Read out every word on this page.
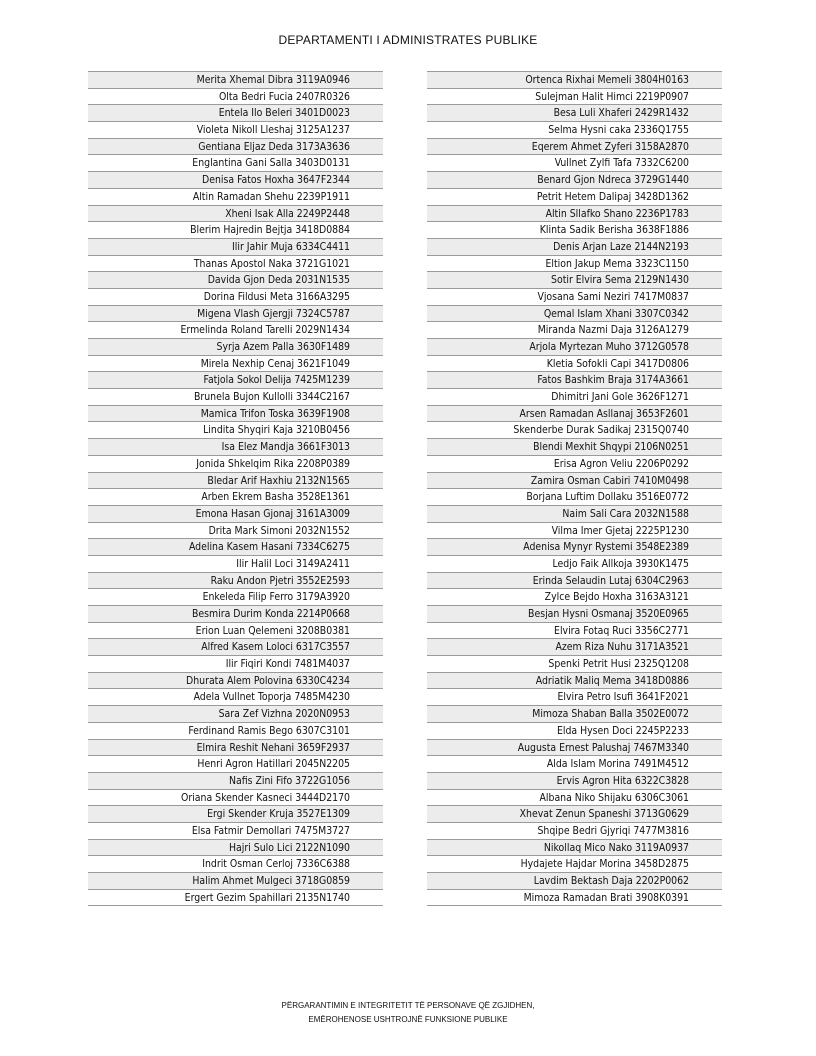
DEPARTAMENTI I ADMINISTRATES PUBLIKE
Merita Xhemal Dibra 3119A0946
Olta Bedri Fucia 2407R0326
Entela Ilo Beleri 3401D0023
Violeta Nikoll Lleshaj 3125A1237
Gentiana Eljaz Deda 3173A3636
Englantina Gani Salla 3403D0131
Denisa Fatos Hoxha 3647F2344
Altin Ramadan Shehu 2239P1911
Xheni Isak Alla 2249P2448
Blerim Hajredin Bejtja 3418D0884
Ilir Jahir Muja 6334C4411
Thanas Apostol Naka 3721G1021
Davida Gjon Deda 2031N1535
Dorina Fildusi Meta 3166A3295
Migena Vlash Gjergji 7324C5787
Ermelinda Roland Tarelli 2029N1434
Syrja Azem Palla 3630F1489
Mirela Nexhip Cenaj 3621F1049
Fatjola Sokol Delija 7425M1239
Brunela Bujon Kullolli 3344C2167
Mamica Trifon Toska 3639F1908
Lindita Shyqiri Kaja 3210B0456
Isa Elez Mandja 3661F3013
Jonida Shkelqim Rika 2208P0389
Bledar Arif Haxhiu 2132N1565
Arben Ekrem Basha 3528E1361
Emona Hasan Gjonaj 3161A3009
Drita Mark Simoni 2032N1552
Adelina Kasem Hasani 7334C6275
Ilir Halil Loci 3149A2411
Raku Andon Pjetri 3552E2593
Enkeleda Filip Ferro 3179A3920
Besmira Durim Konda 2214P0668
Erion Luan Qelemeni 3208B0381
Alfred Kasem Loloci 6317C3557
Ilir Fiqiri Kondi 7481M4037
Dhurata Alem Polovina 6330C4234
Adela Vullnet Toporja 7485M4230
Sara Zef Vizhna 2020N0953
Ferdinand Ramis Bego 6307C3101
Elmira Reshit Nehani 3659F2937
Henri Agron Hatillari 2045N2205
Nafis Zini Fifo 3722G1056
Oriana Skender Kasneci 3444D2170
Ergi Skender Kruja 3527E1309
Elsa Fatmir Demollari 7475M3727
Hajri Sulo Lici 2122N1090
Indrit Osman Cerloj 7336C6388
Halim Ahmet Mulgeci 3718G0859
Ergert Gezim Spahillari 2135N1740
Ortenca Rixhai Memeli 3804H0163
Sulejman Halit Himci 2219P0907
Besa Luli Xhaferi 2429R1432
Selma Hysni caka 2336Q1755
Eqerem Ahmet Zyferi 3158A2870
Vullnet Zylfi Tafa 7332C6200
Benard Gjon Ndreca 3729G1440
Petrit Hetem Dalipaj 3428D1362
Altin Sllafko Shano 2236P1783
Klinta Sadik Berisha 3638F1886
Denis Arjan Laze 2144N2193
Eltion Jakup Mema 3323C1150
Sotir Elvira Sema 2129N1430
Vjosana Sami Neziri 7417M0837
Qemal Islam Xhani 3307C0342
Miranda Nazmi Daja 3126A1279
Arjola Myrtezan Muho 3712G0578
Kletia Sofokli Capi 3417D0806
Fatos Bashkim Braja 3174A3661
Dhimitri Jani Gole 3626F1271
Arsen Ramadan Asllanaj 3653F2601
Skenderbe Durak Sadikaj 2315Q0740
Blendi Mexhit Shqypi 2106N0251
Erisa Agron Veliu 2206P0292
Zamira Osman Cabiri 7410M0498
Borjana Luftim Dollaku 3516E0772
Naim Sali Cara 2032N1588
Vilma Imer Gjetaj 2225P1230
Adenisa Mynyr Rystemi 3548E2389
Ledjo Faik Allkoja 3930K1475
Erinda Selaudin Lutaj 6304C2963
Zylce Bejdo Hoxha 3163A3121
Besjan Hysni Osmanaj 3520E0965
Elvira Fotaq Ruci 3356C2771
Azem Riza Nuhu 3171A3521
Spenki Petrit Husi 2325Q1208
Adriatik Maliq Mema 3418D0886
Elvira Petro Isufi 3641F2021
Mimoza Shaban Balla 3502E0072
Elda Hysen Doci 2245P2233
Augusta Ernest Palushaj 7467M3340
Alda Islam Morina 7491M4512
Ervis Agron Hita 6322C3828
Albana Niko Shijaku 6306C3061
Xhevat Zenun Spaneshi 3713G0629
Shqipe Bedri Gjyriqi 7477M3816
Nikollaq Mico Nako 3119A0937
Hydajete Hajdar Morina 3458D2875
Lavdim Bektash Daja 2202P0062
Mimoza Ramadan Brati 3908K0391
PËRGARANTIMIN E INTEGRITETIT TË PERSONAVE QË ZGJIDHEN,
EMËROHENOSE USHTROJNË FUNKSIONE PUBLIKE
